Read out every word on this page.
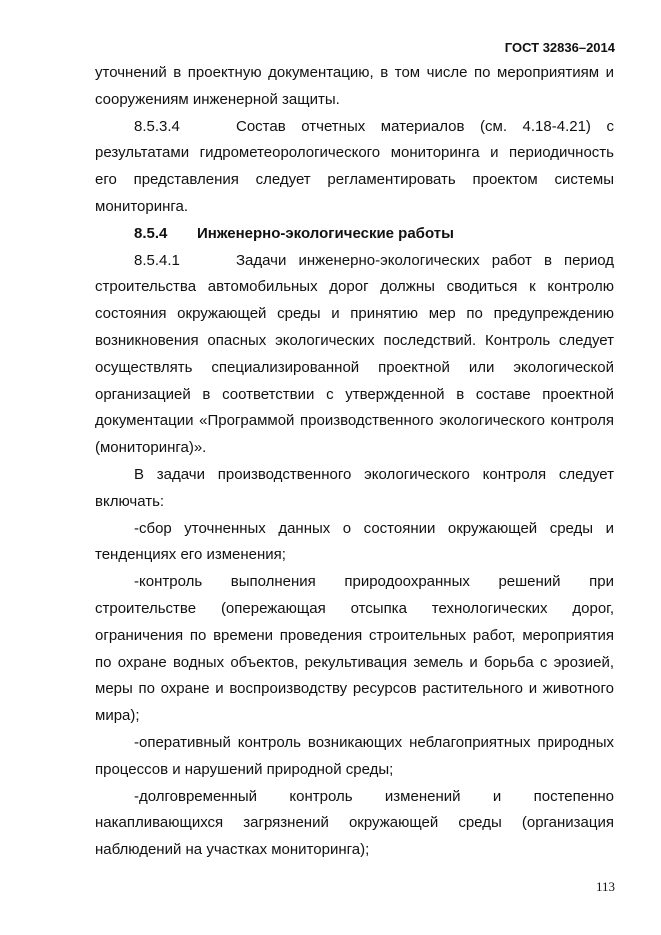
ГОСТ 32836–2014

уточнений в проектную документацию, в том числе по мероприятиям и сооружениям инженерной защиты.

8.5.3.4	Состав отчетных материалов (см. 4.18-4.21) с результатами гидрометеорологического мониторинга и периодичность его представления следует регламентировать проектом системы мониторинга.

8.5.4 Инженерно-экологические работы

8.5.4.1	Задачи инженерно-экологических работ в период строительства автомобильных дорог должны сводиться к контролю состояния окружающей среды и принятию мер по предупреждению возникновения опасных экологических последствий. Контроль следует осуществлять специализированной проектной или экологической организацией в соответствии с утвержденной в составе проектной документации «Программой производственного экологического контроля (мониторинга)».

В задачи производственного экологического контроля следует включать:

-сбор уточненных данных о состоянии окружающей среды и тенденциях его изменения;

-контроль выполнения природоохранных решений при строительстве (опережающая отсыпка технологических дорог, ограничения по времени проведения строительных работ, мероприятия по охране водных объектов, рекультивация земель и борьба с эрозией, меры по охране и воспроизводству ресурсов растительного и животного мира);

-оперативный контроль возникающих неблагоприятных природных процессов и нарушений природной среды;

-долговременный контроль изменений и постепенно накапливающихся загрязнений окружающей среды (организация наблюдений на участках мониторинга);

113
